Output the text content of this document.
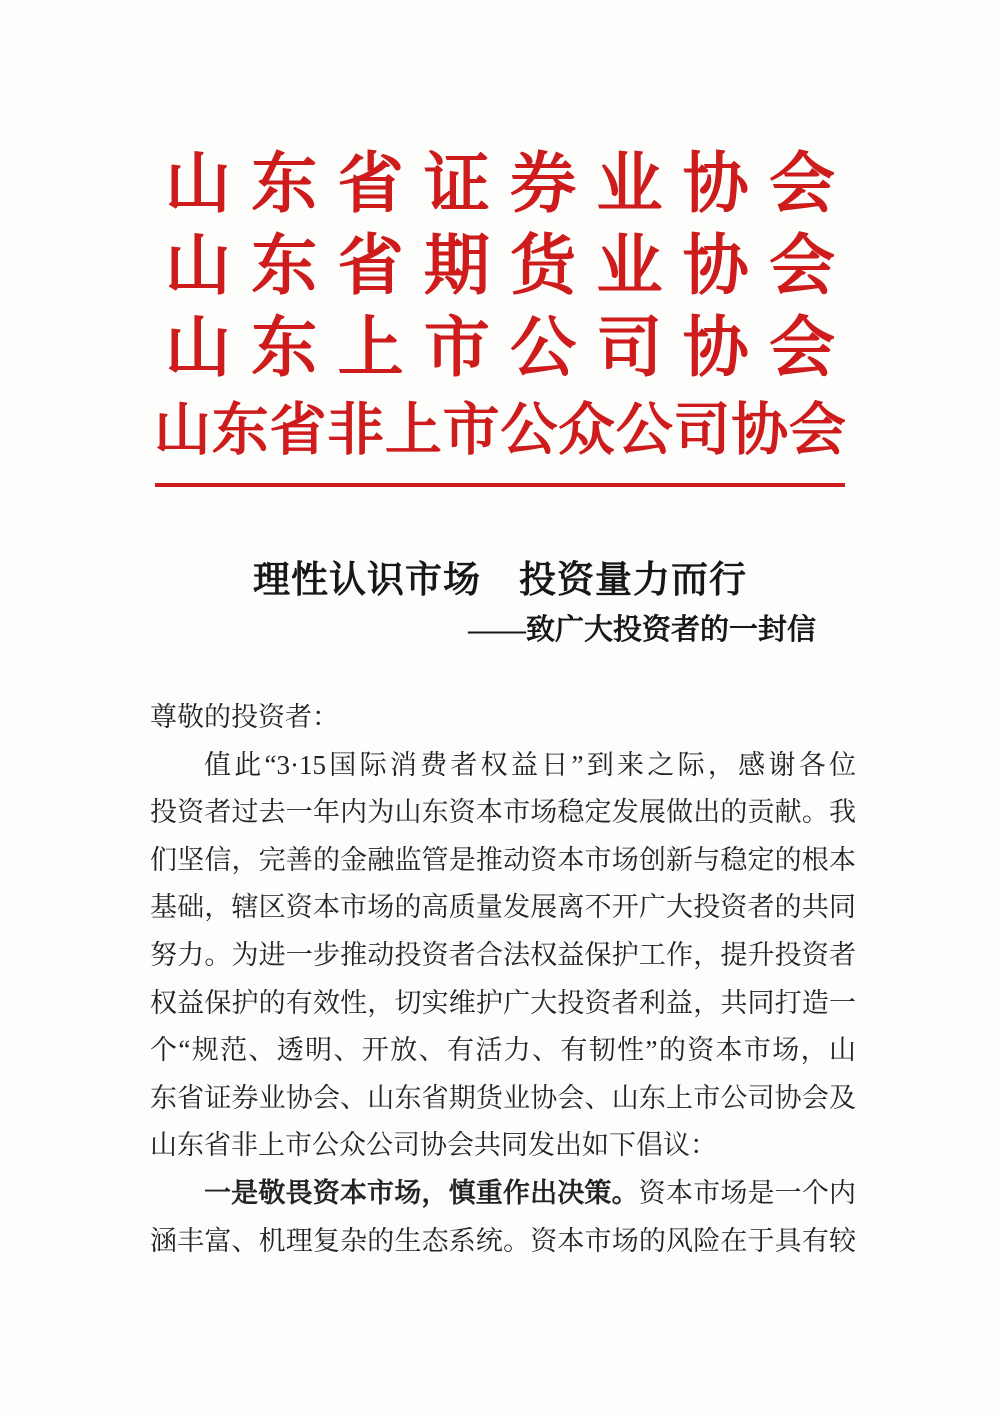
山 东 省 证 券 业 协 会
山 东 省 期 货 业 协 会
山 东 上 市 公 司 协 会
山 东 省 非 上 市 公 众 公 司 协 会
理性认识市场　投资量力而行
——致广大投资者的一封信
尊敬的投资者：
值此“3·15国际消费者权益日”到来之际，感谢各位
投资者过去一年内为山东资本市场稳定发展做出的贡献。我
们坚信，完善的金融监管是推动资本市场创新与稳定的根本
基础，辖区资本市场的高质量发展离不开广大投资者的共同
努力。为进一步推动投资者合法权益保护工作，提升投资者
权益保护的有效性，切实维护广大投资者利益，共同打造一
个“规范、透明、开放、有活力、有韧性”的资本市场，山
东省证券业协会、山东省期货业协会、山东上市公司协会及
山东省非上市公众公司协会共同发出如下倡议：
一是敬畏资本市场，慎重作出决策。资本市场是一个内
涵丰富、机理复杂的生态系统。资本市场的风险在于具有较
